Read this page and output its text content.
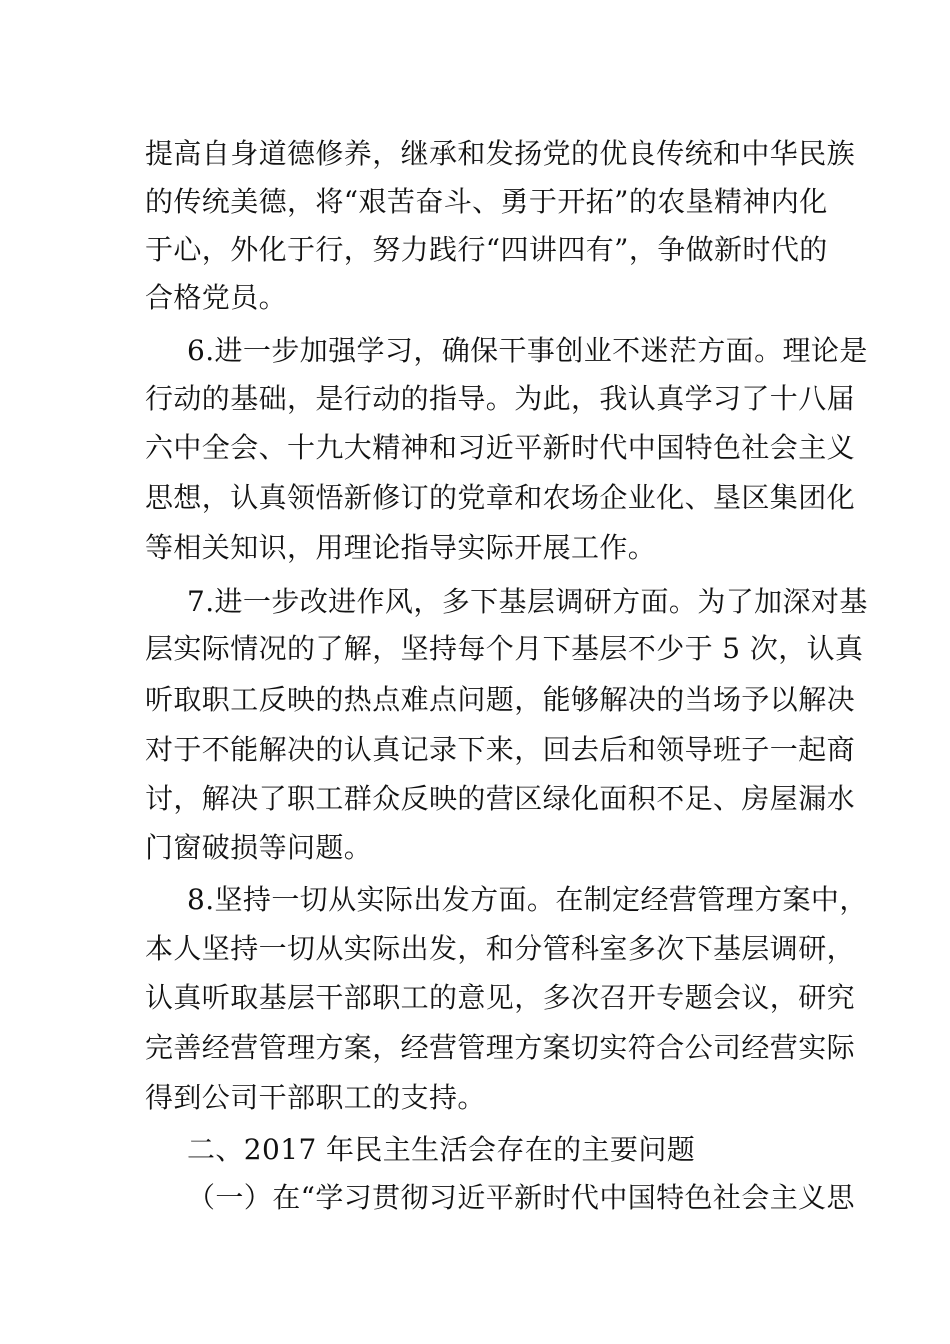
提高自身道德修养，继承和发扬党的优良传统和中华民族
的传统美德，将“艰苦奋斗、勇于开拓”的农垦精神内化
于心，外化于行，努力践行“四讲四有”，争做新时代的
合格党员。
6.进一步加强学习，确保干事创业不迷茫方面。理论是
行动的基础，是行动的指导。为此，我认真学习了十八届
六中全会、十九大精神和习近平新时代中国特色社会主义
思想，认真领悟新修订的党章和农场企业化、垦区集团化
等相关知识，用理论指导实际开展工作。
7.进一步改进作风，多下基层调研方面。为了加深对基
层实际情况的了解，坚持每个月下基层不少于 5 次，认真
听取职工反映的热点难点问题，能够解决的当场予以解决
对于不能解决的认真记录下来，回去后和领导班子一起商
讨，解决了职工群众反映的营区绿化面积不足、房屋漏水
门窗破损等问题。
8.坚持一切从实际出发方面。在制定经营管理方案中，
本人坚持一切从实际出发，和分管科室多次下基层调研，
认真听取基层干部职工的意见，多次召开专题会议，研究
完善经营管理方案，经营管理方案切实符合公司经营实际
得到公司干部职工的支持。
二、2017 年民主生活会存在的主要问题
（一）在“学习贯彻习近平新时代中国特色社会主义思
